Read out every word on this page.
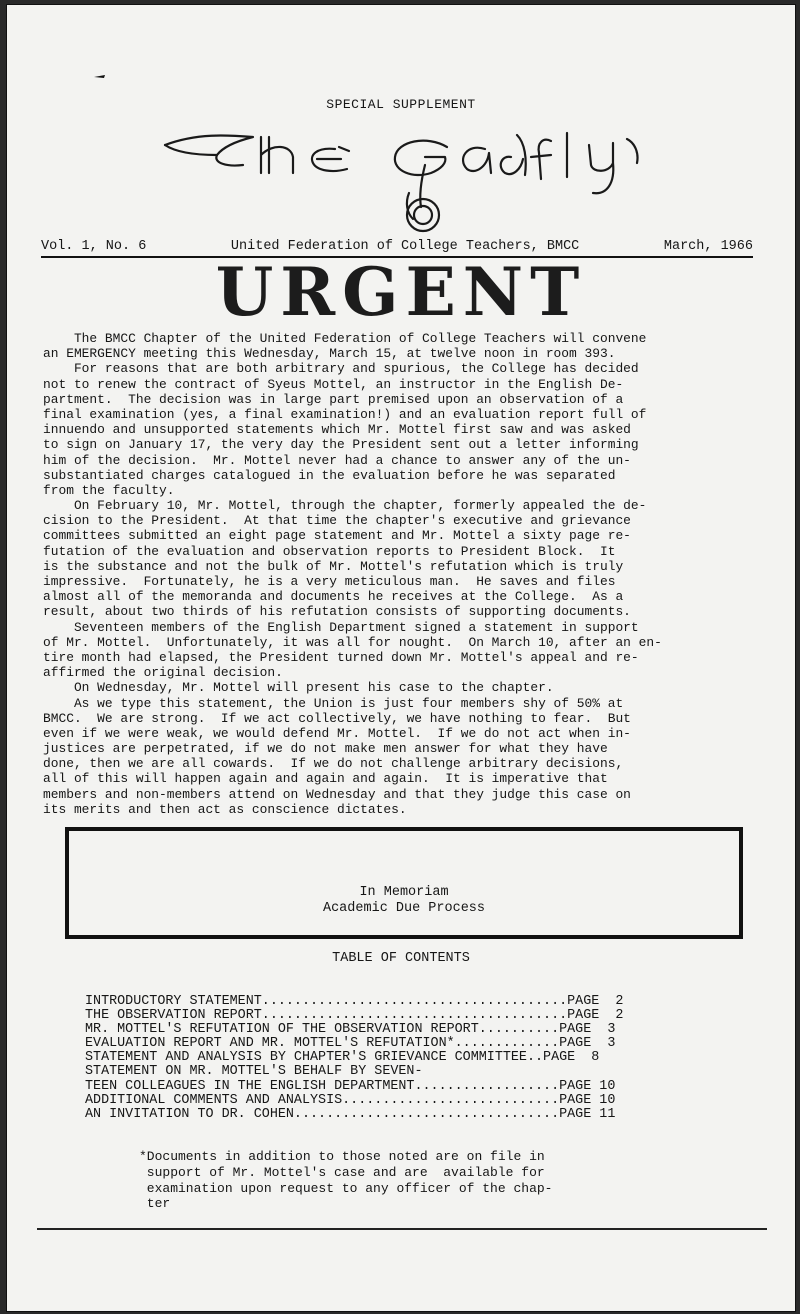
SPECIAL SUPPLEMENT
Vol. 1, No. 6	United Federation of College Teachers, BMCC	March, 1966
URGENT
The BMCC Chapter of the United Federation of College Teachers will convene
an EMERGENCY meeting this Wednesday, March 15, at twelve noon in room 393.
For reasons that are both arbitrary and spurious, the College has decided
not to renew the contract of Syeus Mottel, an instructor in the English De-
partment.  The decision was in large part premised upon an observation of a
final examination (yes, a final examination!) and an evaluation report full of
innuendo and unsupported statements which Mr. Mottel first saw and was asked
to sign on January 17, the very day the President sent out a letter informing
him of the decision.  Mr. Mottel never had a chance to answer any of the un-
substantiated charges catalogued in the evaluation before he was separated
from the faculty.
On February 10, Mr. Mottel, through the chapter, formerly appealed the de-
cision to the President.  At that time the chapter's executive and grievance
committees submitted an eight page statement and Mr. Mottel a sixty page re-
futation of the evaluation and observation reports to President Block.  It
is the substance and not the bulk of Mr. Mottel's refutation which is truly
impressive.  Fortunately, he is a very meticulous man.  He saves and files
almost all of the memoranda and documents he receives at the College.  As a
result, about two thirds of his refutation consists of supporting documents.
Seventeen members of the English Department signed a statement in support
of Mr. Mottel.  Unfortunately, it was all for nought.  On March 10, after an en-
tire month had elapsed, the President turned down Mr. Mottel's appeal and re-
affirmed the original decision.
On Wednesday, Mr. Mottel will present his case to the chapter.
As we type this statement, the Union is just four members shy of 50% at
BMCC.  We are strong.  If we act collectively, we have nothing to fear.  But
even if we were weak, we would defend Mr. Mottel.  If we do not act when in-
justices are perpetrated, if we do not make men answer for what they have
done, then we are all cowards.  If we do not challenge arbitrary decisions,
all of this will happen again and again and again.  It is imperative that
members and non-members attend on Wednesday and that they judge this case on
its merits and then act as conscience dictates.
In Memoriam
Academic Due Process
TABLE OF CONTENTS
INTRODUCTORY STATEMENT......................................PAGE  2
THE OBSERVATION REPORT......................................PAGE  2
MR. MOTTEL'S REFUTATION OF THE OBSERVATION REPORT..........PAGE  3
EVALUATION REPORT AND MR. MOTTEL'S REFUTATION*.............PAGE  3
STATEMENT AND ANALYSIS BY CHAPTER'S GRIEVANCE COMMITTEE..PAGE  8
STATEMENT ON MR. MOTTEL'S BEHALF BY SEVEN-
TEEN COLLEAGUES IN THE ENGLISH DEPARTMENT..................PAGE 10
ADDITIONAL COMMENTS AND ANALYSIS...........................PAGE 10
AN INVITATION TO DR. COHEN.................................PAGE 11
*Documents in addition to those noted are on file in
support of Mr. Mottel's case and are  available for
examination upon request to any officer of the chap-
ter
